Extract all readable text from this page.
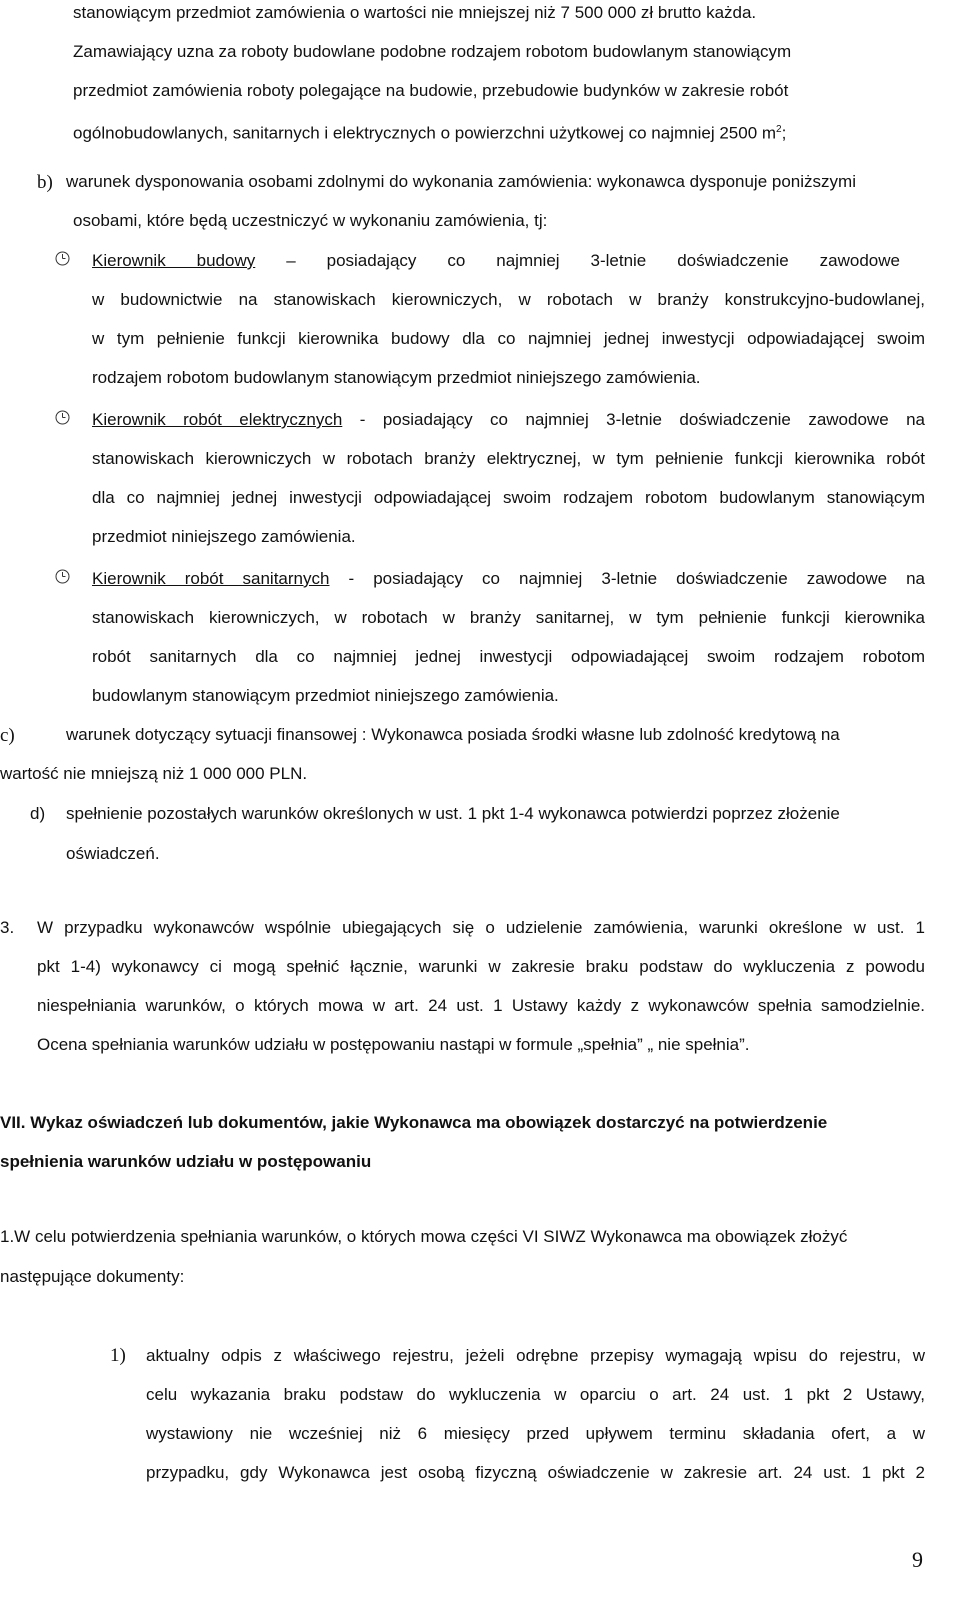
stanowiącym przedmiot zamówienia o wartości nie mniejszej niż 7 500 000 zł brutto każda.
Zamawiający uzna za roboty budowlane podobne rodzajem robotom budowlanym stanowiącym
przedmiot zamówienia roboty polegające na budowie, przebudowie budynków w zakresie robót
ogólnobudowlanych, sanitarnych i elektrycznych o powierzchni użytkowej co najmniej 2500 $m^2$;
b) warunek dysponowania osobami zdolnymi do wykonania zamówienia: wykonawca dysponuje poniższymi
osobami, które będą uczestniczyć w wykonaniu zamówienia, tj:
Kierownik budowy – posiadający co najmniej 3-letnie doświadczenie zawodowe
w budownictwie na stanowiskach kierowniczych, w robotach w branży konstrukcyjno-budowlanej,
w tym pełnienie funkcji kierownika budowy dla co najmniej jednej inwestycji odpowiadającej swoim
rodzajem robotom budowlanym stanowiącym przedmiot niniejszego zamówienia.
Kierownik robót elektrycznych - posiadający co najmniej 3-letnie doświadczenie zawodowe na
stanowiskach kierowniczych w robotach branży elektrycznej, w tym pełnienie funkcji kierownika robót
dla co najmniej jednej inwestycji odpowiadającej swoim rodzajem robotom budowlanym stanowiącym
przedmiot niniejszego zamówienia.
Kierownik robót sanitarnych - posiadający co najmniej 3-letnie doświadczenie zawodowe na
stanowiskach kierowniczych, w robotach w branży sanitarnej, w tym pełnienie funkcji kierownika
robót sanitarnych dla co najmniej jednej inwestycji odpowiadającej swoim rodzajem robotom
budowlanym stanowiącym przedmiot niniejszego zamówienia.
c)	warunek dotyczący sytuacji finansowej : Wykonawca posiada środki własne lub zdolność kredytową na
wartość nie mniejszą niż 1 000 000 PLN.
d) spełnienie pozostałych warunków określonych w ust. 1 pkt 1-4 wykonawca potwierdzi poprzez złożenie
oświadczeń.
3. W przypadku wykonawców wspólnie ubiegających się o udzielenie zamówienia, warunki określone w ust. 1
pkt 1-4) wykonawcy ci mogą spełnić łącznie, warunki w zakresie braku podstaw do wykluczenia z powodu
niespełniania warunków, o których mowa w art. 24 ust. 1 Ustawy każdy z wykonawców spełnia samodzielnie.
Ocena spełniania warunków udziału w postępowaniu nastąpi w formule „spełnia” „ nie spełnia”.
VII. Wykaz oświadczeń lub dokumentów, jakie Wykonawca ma obowiązek dostarczyć na potwierdzenie
spełnienia warunków udziału w postępowaniu
1.W celu potwierdzenia spełniania warunków, o których mowa części VI SIWZ Wykonawca ma obowiązek złożyć
następujące dokumenty:
1) aktualny odpis z właściwego rejestru, jeżeli odrębne przepisy wymagają wpisu do rejestru, w
celu wykazania braku podstaw do wykluczenia w oparciu o art. 24 ust. 1 pkt 2 Ustawy,
wystawiony nie wcześniej niż 6 miesięcy przed upływem terminu składania ofert, a w
przypadku, gdy Wykonawca jest osobą fizyczną oświadczenie w zakresie art. 24 ust. 1 pkt 2
9
